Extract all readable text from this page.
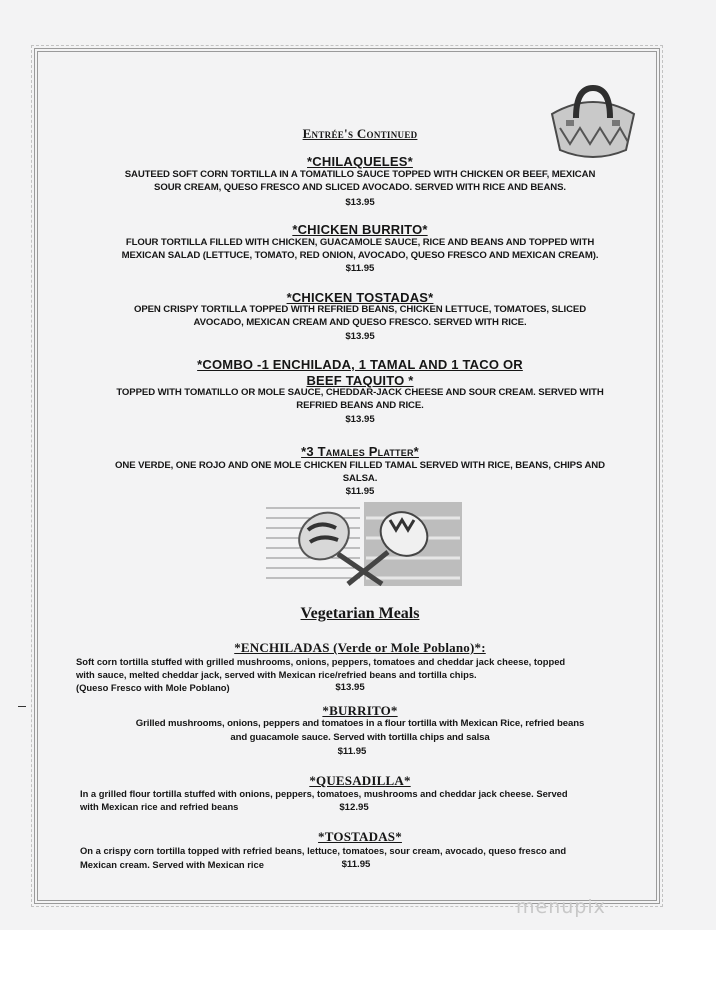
Entrée's Continued
*CHILAQUELES*
SAUTEED SOFT CORN TORTILLA IN A TOMATILLO SAUCE TOPPED WITH CHICKEN OR BEEF, MEXICAN
SOUR CREAM, QUESO FRESCO AND SLICED AVOCADO. SERVED WITH RICE AND BEANS.
$13.95
*CHICKEN BURRITO*
FLOUR TORTILLA FILLED WITH CHICKEN, GUACAMOLE SAUCE, RICE AND BEANS AND TOPPED WITH
MEXICAN SALAD (LETTUCE, TOMATO, RED ONION, AVOCADO, QUESO FRESCO AND MEXICAN CREAM).
$11.95
*CHICKEN TOSTADAS*
OPEN CRISPY TORTILLA TOPPED WITH REFRIED BEANS, CHICKEN LETTUCE, TOMATOES, SLICED
AVOCADO, MEXICAN CREAM AND QUESO FRESCO. SERVED WITH RICE.
$13.95
*COMBO -1 ENCHILADA, 1 TAMAL AND 1 TACO OR
BEEF TAQUITO *
TOPPED WITH TOMATILLO OR MOLE SAUCE, CHEDDAR-JACK CHEESE AND SOUR CREAM. SERVED WITH
REFRIED BEANS AND RICE.
$13.95
*3 Tamales Platter*
ONE VERDE, ONE ROJO AND ONE MOLE CHICKEN FILLED TAMAL SERVED WITH RICE, BEANS, CHIPS AND
SALSA.
$11.95
Vegetarian Meals
*ENCHILADAS (Verde or Mole Poblano)*:

Soft corn tortilla stuffed with grilled mushrooms, onions, peppers, tomatoes and cheddar jack cheese, topped

with sauce, melted cheddar jack, served with Mexican rice/refried beans and tortilla chips.

(Queso Fresco with Mole Poblano)	$13.95
*BURRITO*
Grilled mushrooms, onions, peppers and tomatoes in a flour tortilla with Mexican Rice, refried beans
and guacamole sauce. Served with tortilla chips and salsa
$11.95
*QUESADILLA*

In a grilled flour tortilla stuffed with onions, peppers, tomatoes, mushrooms and cheddar jack cheese. Served

with Mexican rice and refried beans	$12.95
*TOSTADAS*

On a crispy corn tortilla topped with refried beans, lettuce, tomatoes, sour cream, avocado, queso fresco and

Mexican cream. Served with Mexican rice	$11.95
menupix
